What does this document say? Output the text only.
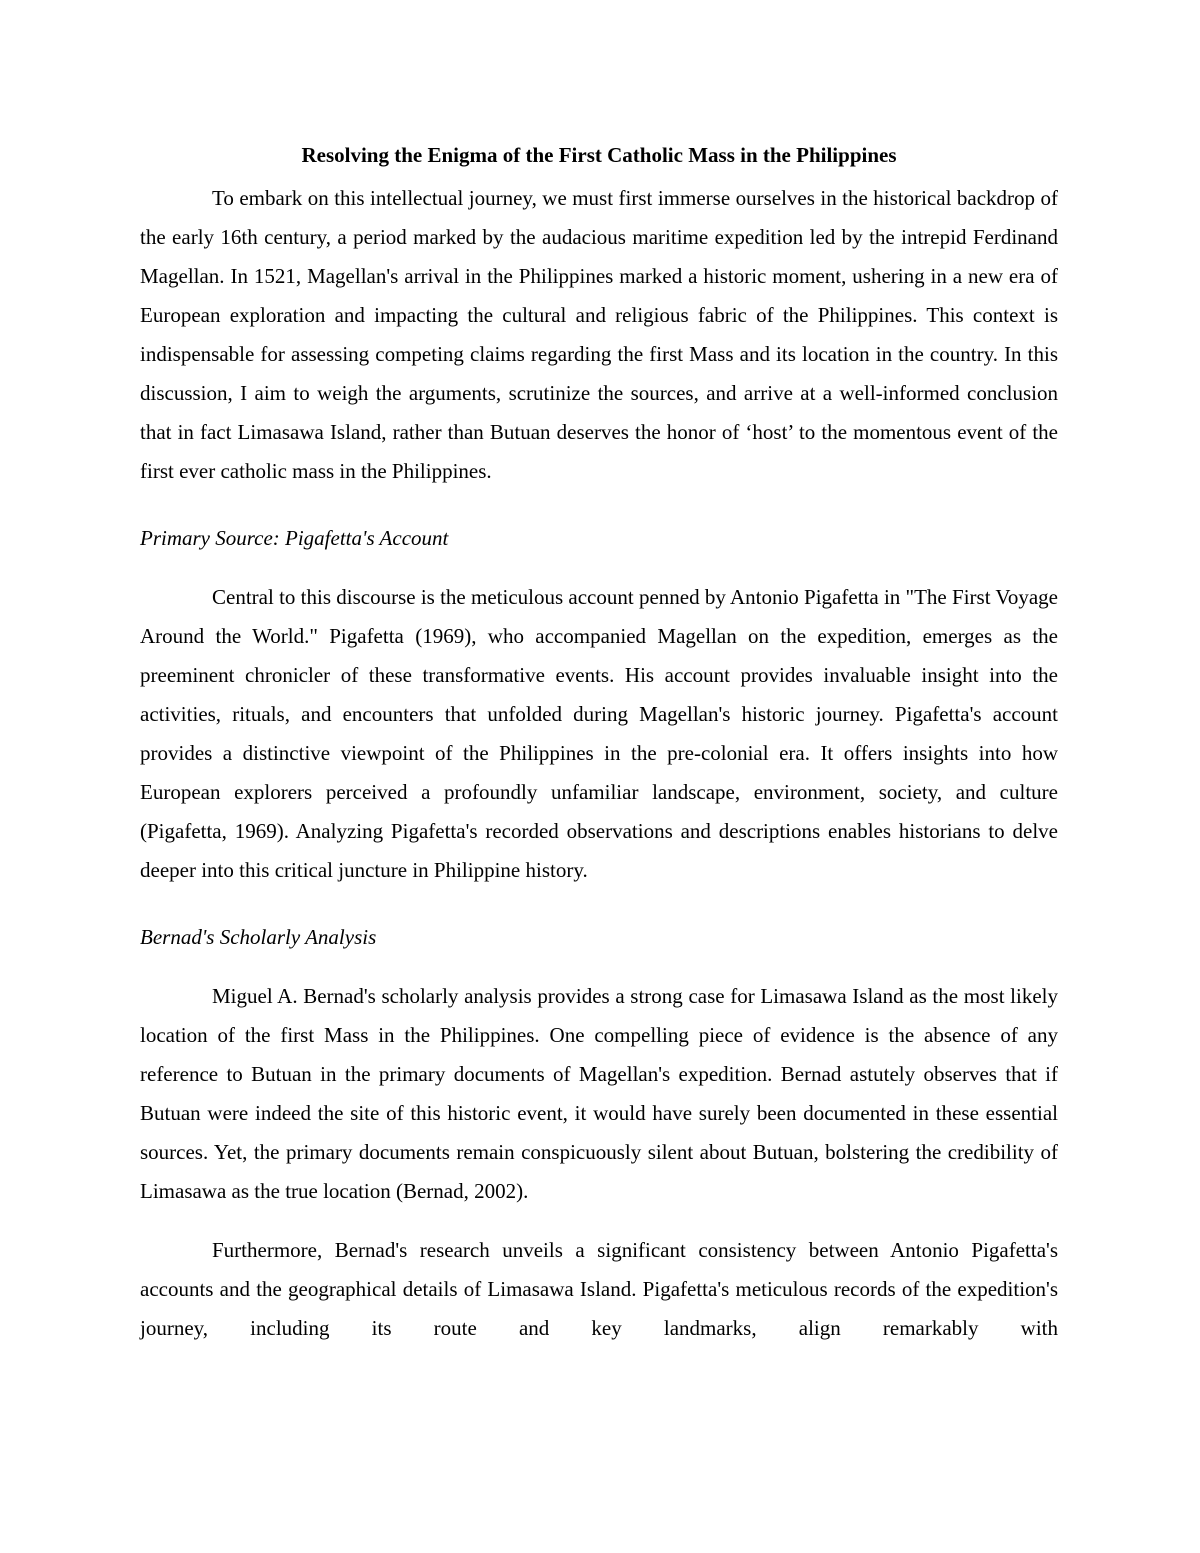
Resolving the Enigma of the First Catholic Mass in the Philippines

To embark on this intellectual journey, we must first immerse ourselves in the historical backdrop of the early 16th century, a period marked by the audacious maritime expedition led by the intrepid Ferdinand Magellan. In 1521, Magellan's arrival in the Philippines marked a historic moment, ushering in a new era of European exploration and impacting the cultural and religious fabric of the Philippines. This context is indispensable for assessing competing claims regarding the first Mass and its location in the country. In this discussion, I aim to weigh the arguments, scrutinize the sources, and arrive at a well-informed conclusion that in fact Limasawa Island, rather than Butuan deserves the honor of ‘host’ to the momentous event of the first ever catholic mass in the Philippines.

Primary Source: Pigafetta's Account

Central to this discourse is the meticulous account penned by Antonio Pigafetta in "The First Voyage Around the World." Pigafetta (1969), who accompanied Magellan on the expedition, emerges as the preeminent chronicler of these transformative events. His account provides invaluable insight into the activities, rituals, and encounters that unfolded during Magellan's historic journey. Pigafetta's account provides a distinctive viewpoint of the Philippines in the pre-colonial era. It offers insights into how European explorers perceived a profoundly unfamiliar landscape, environment, society, and culture (Pigafetta, 1969). Analyzing Pigafetta's recorded observations and descriptions enables historians to delve deeper into this critical juncture in Philippine history.

Bernad's Scholarly Analysis

Miguel A. Bernad's scholarly analysis provides a strong case for Limasawa Island as the most likely location of the first Mass in the Philippines. One compelling piece of evidence is the absence of any reference to Butuan in the primary documents of Magellan's expedition. Bernad astutely observes that if Butuan were indeed the site of this historic event, it would have surely been documented in these essential sources. Yet, the primary documents remain conspicuously silent about Butuan, bolstering the credibility of Limasawa as the true location (Bernad, 2002).

Furthermore, Bernad's research unveils a significant consistency between Antonio Pigafetta's accounts and the geographical details of Limasawa Island. Pigafetta's meticulous records of the expedition's journey, including its route and key landmarks, align remarkably with
